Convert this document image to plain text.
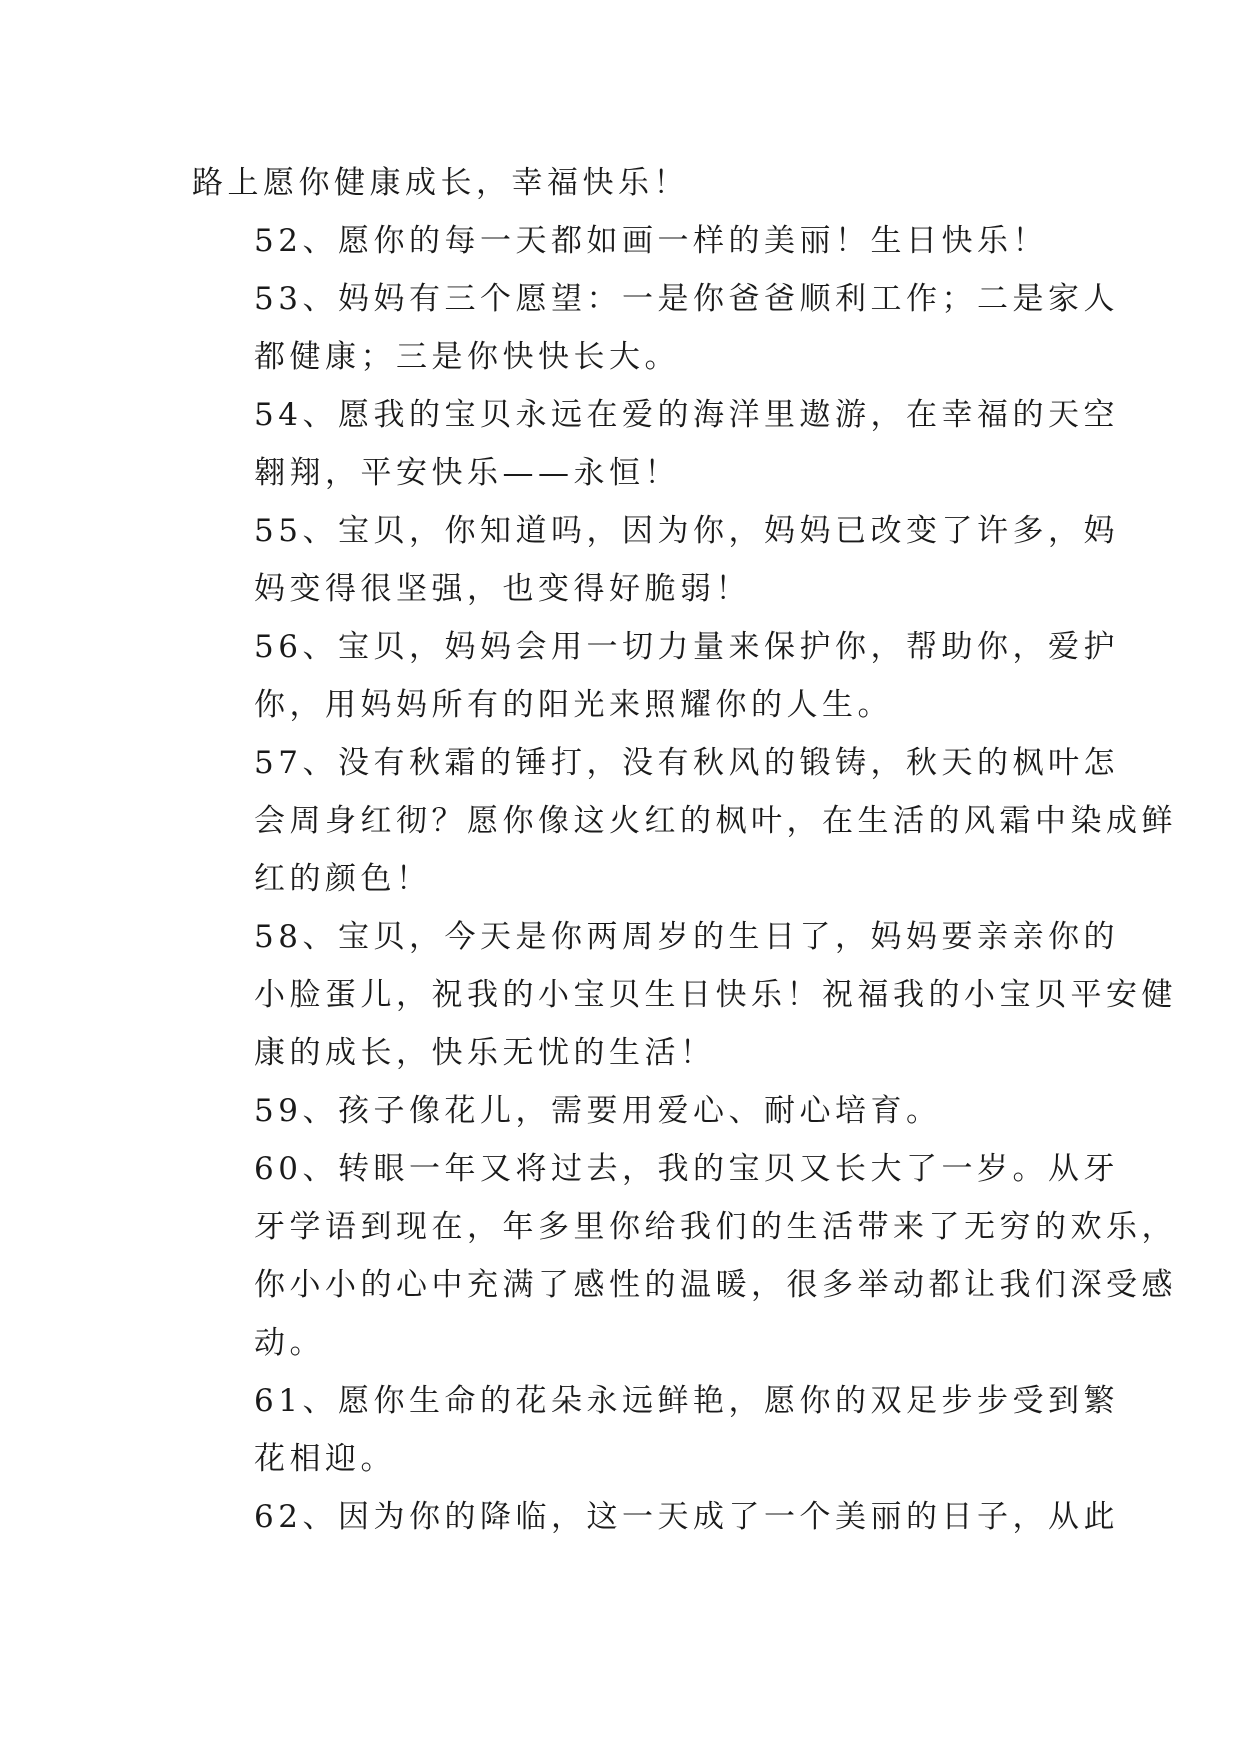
路上愿你健康成长，幸福快乐！

52、愿你的每一天都如画一样的美丽！生日快乐！

53、妈妈有三个愿望：一是你爸爸顺利工作；二是家人
都健康；三是你快快长大。

54、愿我的宝贝永远在爱的海洋里遨游，在幸福的天空
翱翔，平安快乐——永恒！

55、宝贝，你知道吗，因为你，妈妈已改变了许多，妈
妈变得很坚强，也变得好脆弱！

56、宝贝，妈妈会用一切力量来保护你，帮助你，爱护
你，用妈妈所有的阳光来照耀你的人生。

57、没有秋霜的锤打，没有秋风的锻铸，秋天的枫叶怎
会周身红彻？愿你像这火红的枫叶，在生活的风霜中染成鲜
红的颜色！

58、宝贝，今天是你两周岁的生日了，妈妈要亲亲你的
小脸蛋儿，祝我的小宝贝生日快乐！祝福我的小宝贝平安健
康的成长，快乐无忧的生活！

59、孩子像花儿，需要用爱心、耐心培育。

60、转眼一年又将过去，我的宝贝又长大了一岁。从牙
牙学语到现在，年多里你给我们的生活带来了无穷的欢乐，
你小小的心中充满了感性的温暖，很多举动都让我们深受感
动。

61、愿你生命的花朵永远鲜艳，愿你的双足步步受到繁
花相迎。

62、因为你的降临，这一天成了一个美丽的日子，从此
